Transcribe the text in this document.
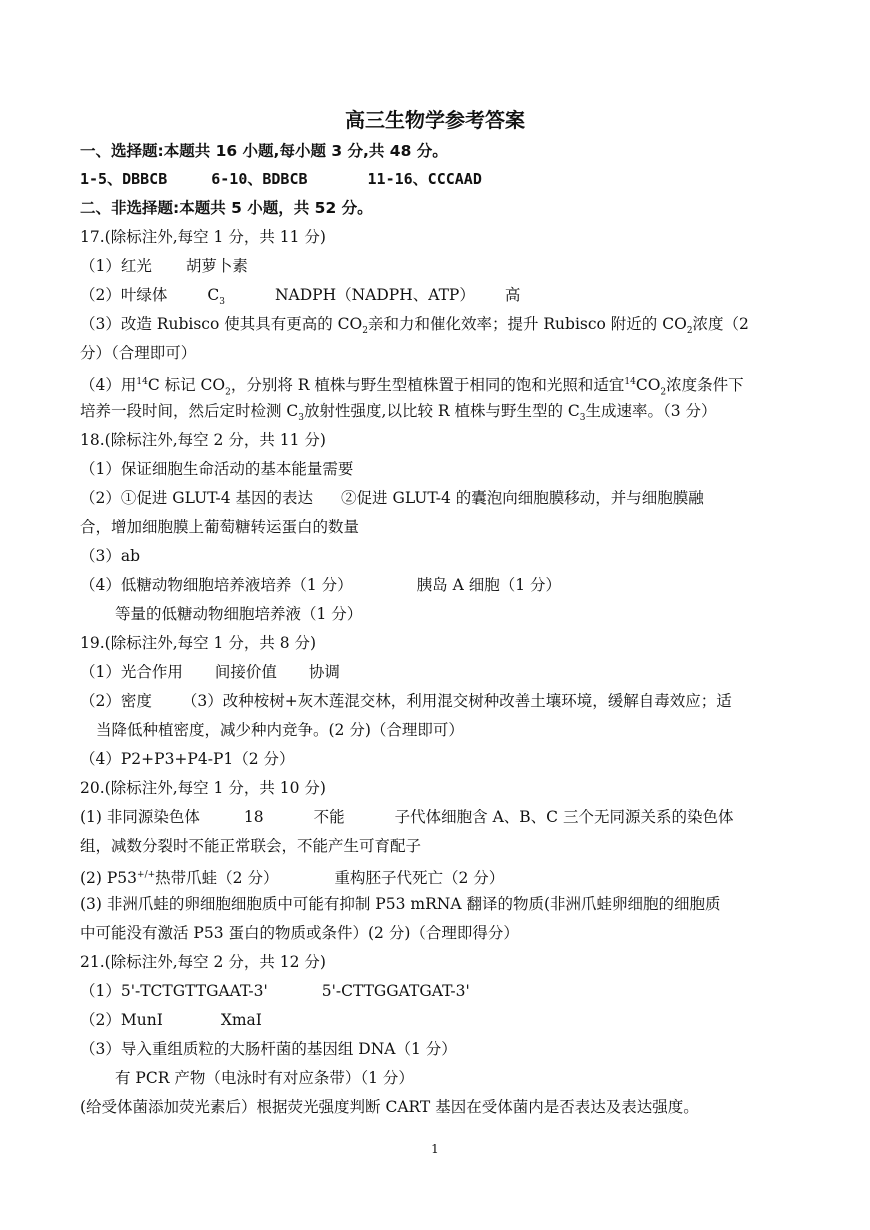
高三生物学参考答案
一、选择题:本题共 16 小题,每小题 3 分,共 48 分。
1-5、DBBCB	6-10、BDBCB	11-16、CCCAAD
二、非选择题:本题共 5 小题，共 52 分。
17.(除标注外,每空 1 分，共 11 分)
（1）红光 胡萝卜素
（2）叶绿体	$C_3$	NADPH（NADPH、ATP） 高
（3）改造 Rubisco 使其具有更高的 $CO_2$亲和力和催化效率；提升 Rubisco 附近的 $CO_2$浓度（2
分）（合理即可）
（4）用$^{14}$C 标记 $CO_2$，分别将 R 植株与野生型植株置于相同的饱和光照和适宜$^{14}CO_2$浓度条件下
培养一段时间，然后定时检测 $C_3$放射性强度,以比较 R 植株与野生型的 $C_3$生成速率。（3 分）
18.(除标注外,每空 2 分，共 11 分)
（1）保证细胞生命活动的基本能量需要
（2）①促进 GLUT-4 基因的表达 ②促进 GLUT-4 的囊泡向细胞膜移动，并与细胞膜融
合，增加细胞膜上葡萄糖转运蛋白的数量
（3）ab
（4）低糖动物细胞培养液培养（1 分）	胰岛 A 细胞（1 分）
等量的低糖动物细胞培养液（1 分）
19.(除标注外,每空 1 分，共 8 分)
（1）光合作用 间接价值 协调
（2）密度 （3）改种桉树+灰木莲混交林，利用混交树种改善土壤环境，缓解自毒效应；适
当降低种植密度，减少种内竞争。(2 分)（合理即可）
（4）P2+P3+P4-P1（2 分）
20.(除标注外,每空 1 分，共 10 分)
(1) 非同源染色体	18	不能	子代体细胞含 A、B、C 三个无同源关系的染色体
组，减数分裂时不能正常联会，不能产生可育配子
(2) P53+/+热带爪蛙（2 分）	重构胚子代死亡（2 分）
(3) 非洲爪蛙的卵细胞细胞质中可能有抑制 P53 mRNA 翻译的物质(非洲爪蛙卵细胞的细胞质
中可能没有激活 P53 蛋白的物质或条件）(2 分)（合理即得分）
21.(除标注外,每空 2 分，共 12 分)
（1）5'-TCTGTTGAAT-3'	5'-CTTGGATGAT-3'
（2）MunI	XmaI
（3）导入重组质粒的大肠杆菌的基因组 DNA（1 分）
有 PCR 产物（电泳时有对应条带）（1 分）
(给受体菌添加荧光素后）根据荧光强度判断 CART 基因在受体菌内是否表达及表达强度。
1
